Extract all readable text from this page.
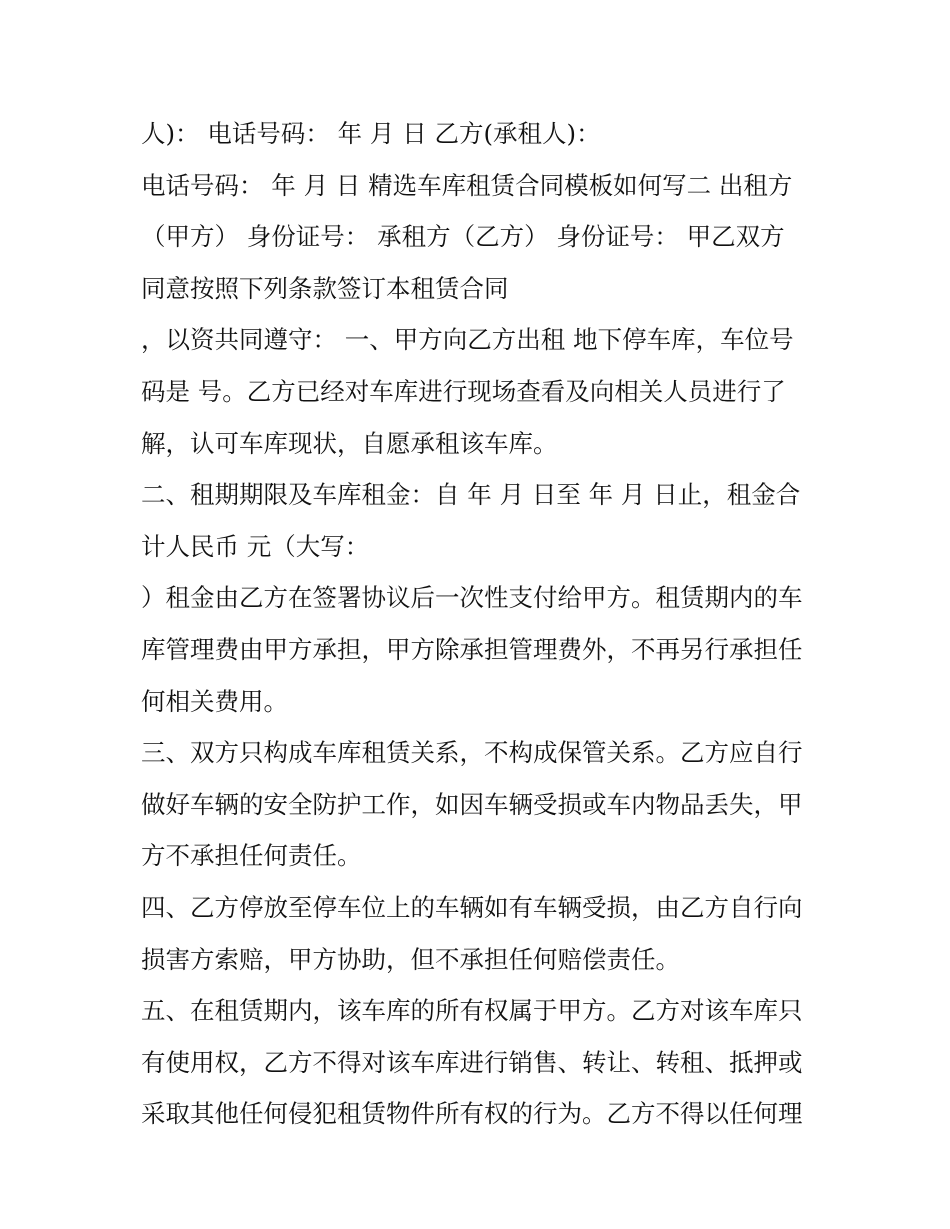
人)： 电话号码： 年 月 日 乙方(承租人)：
电话号码： 年 月 日 精选车库租赁合同模板如何写二 出租方
（甲方） 身份证号： 承租方（乙方） 身份证号： 甲乙双方
同意按照下列条款签订本租赁合同
，以资共同遵守： 一、甲方向乙方出租 地下停车库，车位号
码是 号。乙方已经对车库进行现场查看及向相关人员进行了
解，认可车库现状，自愿承租该车库。
二、租期期限及车库租金：自 年 月 日至 年 月 日止，租金合
计人民币 元（大写：
）租金由乙方在签署协议后一次性支付给甲方。租赁期内的车
库管理费由甲方承担，甲方除承担管理费外，不再另行承担任
何相关费用。
三、双方只构成车库租赁关系，不构成保管关系。乙方应自行
做好车辆的安全防护工作，如因车辆受损或车内物品丢失，甲
方不承担任何责任。
四、乙方停放至停车位上的车辆如有车辆受损，由乙方自行向
损害方索赔，甲方协助，但不承担任何赔偿责任。
五、在租赁期内，该车库的所有权属于甲方。乙方对该车库只
有使用权，乙方不得对该车库进行销售、转让、转租、抵押或
采取其他任何侵犯租赁物件所有权的行为。乙方不得以任何理
